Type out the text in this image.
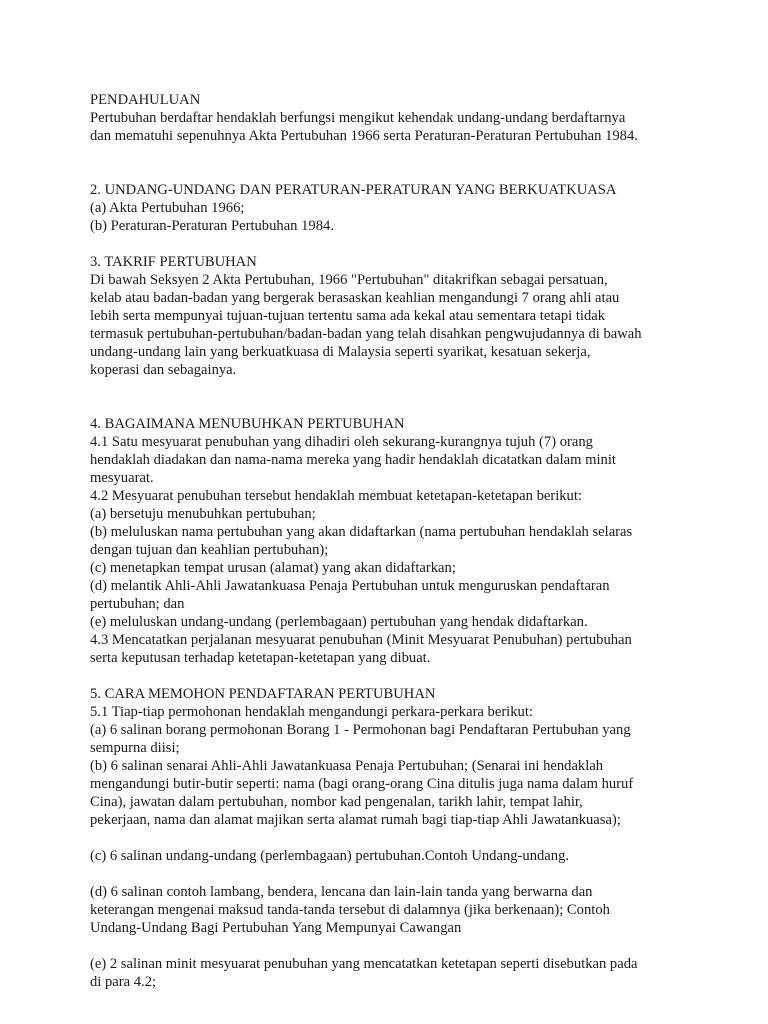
PENDAHULUAN
Pertubuhan berdaftar hendaklah berfungsi mengikut kehendak undang-undang berdaftarnya
dan mematuhi sepenuhnya Akta Pertubuhan 1966 serta Peraturan-Peraturan Pertubuhan 1984.
2. UNDANG-UNDANG DAN PERATURAN-PERATURAN YANG BERKUATKUASA
(a) Akta Pertubuhan 1966;
(b) Peraturan-Peraturan Pertubuhan 1984.
3. TAKRIF PERTUBUHAN
Di bawah Seksyen 2 Akta Pertubuhan, 1966 "Pertubuhan" ditakrifkan sebagai persatuan,
kelab atau badan-badan yang bergerak berasaskan keahlian mengandungi 7 orang ahli atau
lebih serta mempunyai tujuan-tujuan tertentu sama ada kekal atau sementara tetapi tidak
termasuk pertubuhan-pertubuhan/badan-badan yang telah disahkan pengwujudannya di bawah
undang-undang lain yang berkuatkuasa di Malaysia seperti syarikat, kesatuan sekerja,
koperasi dan sebagainya.
4. BAGAIMANA MENUBUHKAN PERTUBUHAN
4.1 Satu mesyuarat penubuhan yang dihadiri oleh sekurang-kurangnya tujuh (7) orang
hendaklah diadakan dan nama-nama mereka yang hadir hendaklah dicatatkan dalam minit
mesyuarat.
4.2 Mesyuarat penubuhan tersebut hendaklah membuat ketetapan-ketetapan berikut:
(a) bersetuju menubuhkan pertubuhan;
(b) meluluskan nama pertubuhan yang akan didaftarkan (nama pertubuhan hendaklah selaras
dengan tujuan dan keahlian pertubuhan);
(c) menetapkan tempat urusan (alamat) yang akan didaftarkan;
(d) melantik Ahli-Ahli Jawatankuasa Penaja Pertubuhan untuk menguruskan pendaftaran
pertubuhan; dan
(e) meluluskan undang-undang (perlembagaan) pertubuhan yang hendak didaftarkan.
4.3 Mencatatkan perjalanan mesyuarat penubuhan (Minit Mesyuarat Penubuhan) pertubuhan
serta keputusan terhadap ketetapan-ketetapan yang dibuat.
5. CARA MEMOHON PENDAFTARAN PERTUBUHAN
5.1 Tiap-tiap permohonan hendaklah mengandungi perkara-perkara berikut:
(a) 6 salinan borang permohonan Borang 1 - Permohonan bagi Pendaftaran Pertubuhan yang
sempurna diisi;
(b) 6 salinan senarai Ahli-Ahli Jawatankuasa Penaja Pertubuhan; (Senarai ini hendaklah
mengandungi butir-butir seperti: nama (bagi orang-orang Cina ditulis juga nama dalam huruf
Cina), jawatan dalam pertubuhan, nombor kad pengenalan, tarikh lahir, tempat lahir,
pekerjaan, nama dan alamat majikan serta alamat rumah bagi tiap-tiap Ahli Jawatankuasa);
(c) 6 salinan undang-undang (perlembagaan) pertubuhan.Contoh Undang-undang.
(d) 6 salinan contoh lambang, bendera, lencana dan lain-lain tanda yang berwarna dan
keterangan mengenai maksud tanda-tanda tersebut di dalamnya (jika berkenaan); Contoh
Undang-Undang Bagi Pertubuhan Yang Mempunyai Cawangan
(e) 2 salinan minit mesyuarat penubuhan yang mencatatkan ketetapan seperti disebutkan pada
di para 4.2;
